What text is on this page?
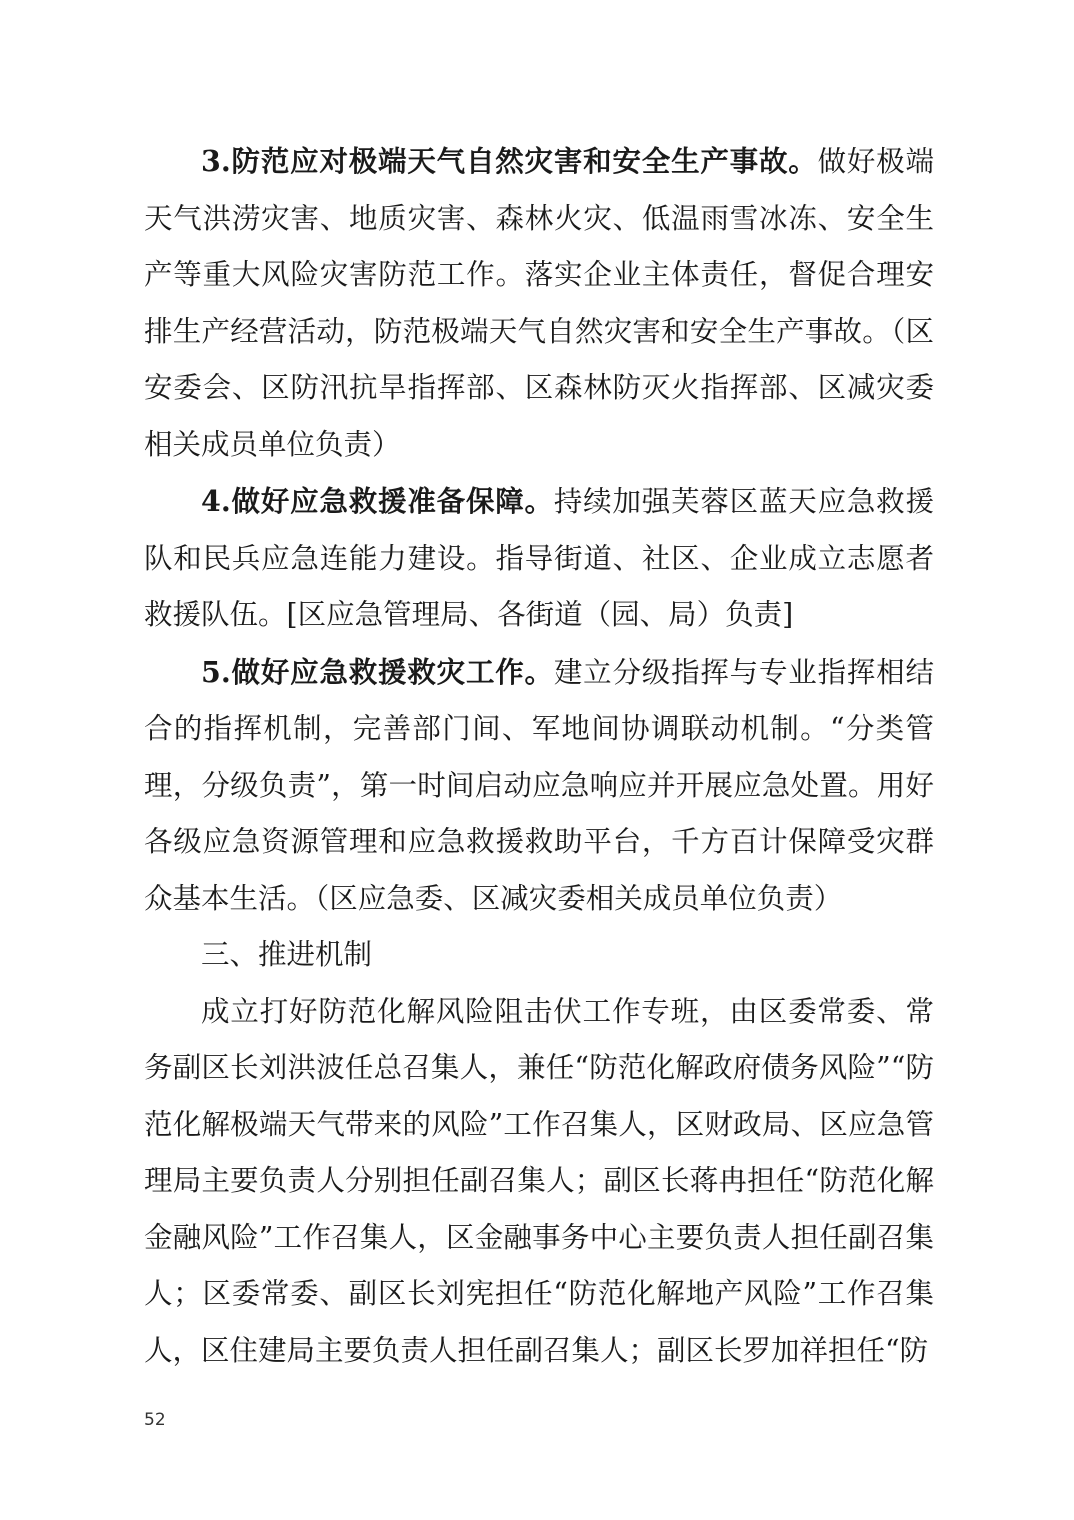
3.防范应对极端天气自然灾害和安全生产事故。做好极端天气洪涝灾害、地质灾害、森林火灾、低温雨雪冰冻、安全生产等重大风险灾害防范工作。落实企业主体责任，督促合理安排生产经营活动，防范极端天气自然灾害和安全生产事故。（区安委会、区防汛抗旱指挥部、区森林防灭火指挥部、区减灾委相关成员单位负责）

4.做好应急救援准备保障。持续加强芙蓉区蓝天应急救援队和民兵应急连能力建设。指导街道、社区、企业成立志愿者救援队伍。[区应急管理局、各街道（园、局）负责]

5.做好应急救援救灾工作。建立分级指挥与专业指挥相结合的指挥机制，完善部门间、军地间协调联动机制。“分类管理，分级负责”，第一时间启动应急响应并开展应急处置。用好各级应急资源管理和应急救援救助平台，千方百计保障受灾群众基本生活。（区应急委、区减灾委相关成员单位负责）

三、推进机制

成立打好防范化解风险阻击伏工作专班，由区委常委、常务副区长刘洪波任总召集人，兼任“防范化解政府债务风险”“防范化解极端天气带来的风险”工作召集人，区财政局、区应急管理局主要负责人分别担任副召集人；副区长蒋冉担任“防范化解金融风险”工作召集人，区金融事务中心主要负责人担任副召集人；区委常委、副区长刘宪担任“防范化解地产风险”工作召集人，区住建局主要负责人担任副召集人；副区长罗加祥担任“防

52
